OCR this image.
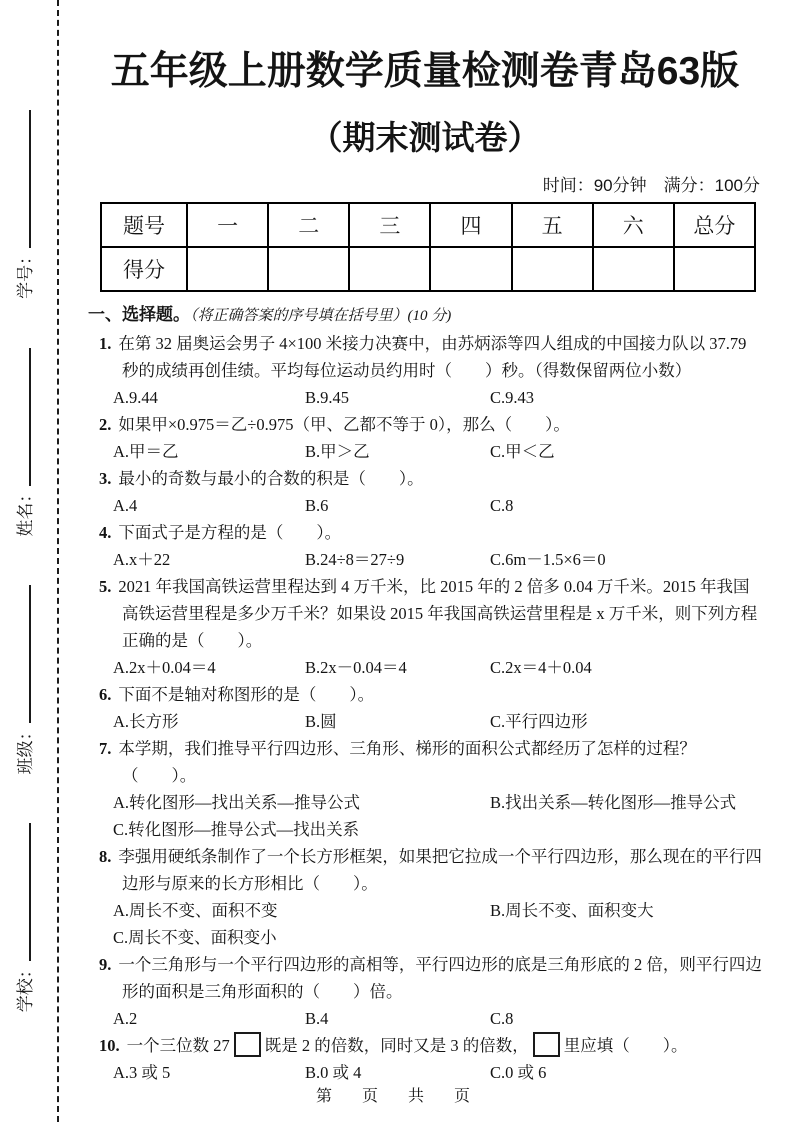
学校：
班级：
姓名：
学号：
五年级上册数学质量检测卷青岛63版
（期末测试卷）
时间：90分钟　满分：100分
题号	一	二	三	四	五	六	总分
得分							
一、选择题。（将正确答案的序号填在括号里）(10 分)
1. 在第 32 届奥运会男子 4×100 米接力决赛中，由苏炳添等四人组成的中国接力队以 37.79 秒的成绩再创佳绩。平均每位运动员约用时（　　）秒。（得数保留两位小数）
A.9.44	B.9.45	C.9.43
2. 如果甲×0.975＝乙÷0.975（甲、乙都不等于 0），那么（　　）。
A.甲＝乙	B.甲＞乙	C.甲＜乙
3. 最小的奇数与最小的合数的积是（　　）。
A.4	B.6	C.8
4. 下面式子是方程的是（　　）。
A.x＋22	B.24÷8＝27÷9	C.6m－1.5×6＝0
5. 2021 年我国高铁运营里程达到 4 万千米，比 2015 年的 2 倍多 0.04 万千米。2015 年我国高铁运营里程是多少万千米？如果设 2015 年我国高铁运营里程是 x 万千米，则下列方程正确的是（　　）。
A.2x＋0.04＝4	B.2x－0.04＝4	C.2x＝4＋0.04
6. 下面不是轴对称图形的是（　　）。
A.长方形	B.圆	C.平行四边形
7. 本学期，我们推导平行四边形、三角形、梯形的面积公式都经历了怎样的过程？（　　）。
A.转化图形—找出关系—推导公式	B.找出关系—转化图形—推导公式
C.转化图形—推导公式—找出关系
8. 李强用硬纸条制作了一个长方形框架，如果把它拉成一个平行四边形，那么现在的平行四边形与原来的长方形相比（　　）。
A.周长不变、面积不变	B.周长不变、面积变大
C.周长不变、面积变小
9. 一个三角形与一个平行四边形的高相等，平行四边形的底是三角形底的 2 倍，则平行四边形的面积是三角形面积的（　　）倍。
A.2	B.4	C.8
10. 一个三位数 27 既是 2 的倍数，同时又是 3 的倍数， 里应填（　　）。
A.3 或 5	B.0 或 4	C.0 或 6
第　页　共　页
